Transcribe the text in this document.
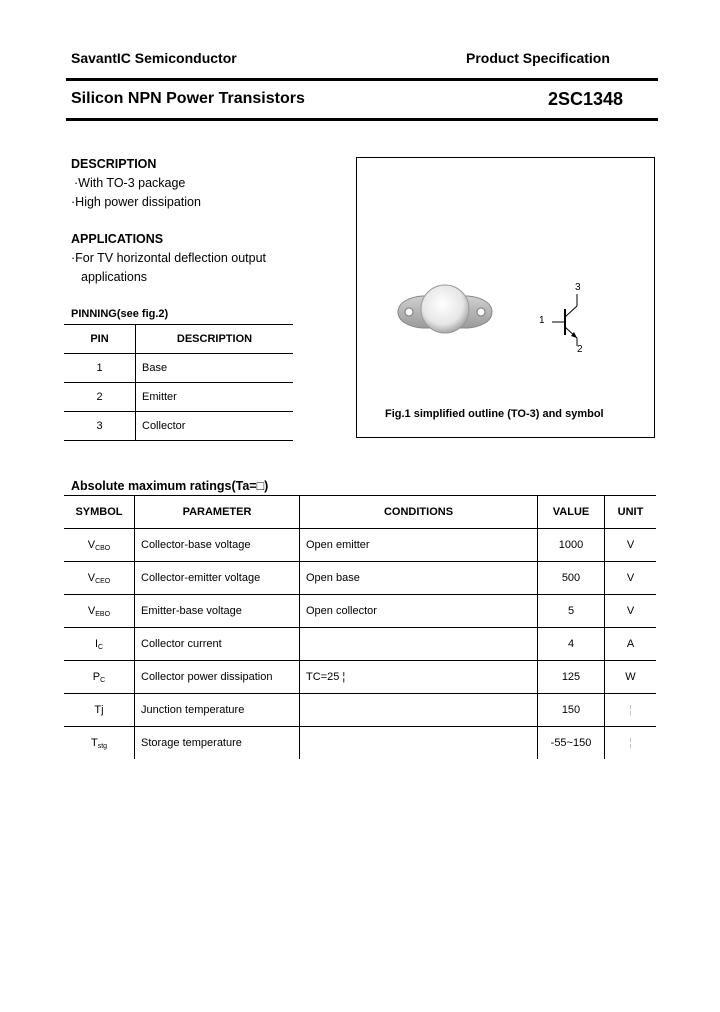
SavantIC Semiconductor	Product Specification
Silicon NPN Power Transistors	2SC1348
DESCRIPTION
·With TO-3 package
·High power dissipation
APPLICATIONS
·For TV horizontal deflection output
applications
PINNING(see fig.2)
PIN	DESCRIPTION
1	Base
2	Emitter
3	Collector
1
2
3
Fig.1 simplified outline (TO-3) and symbol
Absolute maximum ratings(Ta=□)
SYMBOL	PARAMETER	CONDITIONS	VALUE	UNIT
$V_{CBO}$	Collector-base voltage	Open emitter	1000	V
$V_{CEO}$	Collector-emitter voltage	Open base	500	V
$V_{EBO}$	Emitter-base voltage	Open collector	5	V
$I_C$	Collector current		4	A
$P_C$	Collector power dissipation	TC=25 ¦	125	W
Tj	Junction temperature		150	¦
$T_{stg}$	Storage temperature		-55~150	¦
